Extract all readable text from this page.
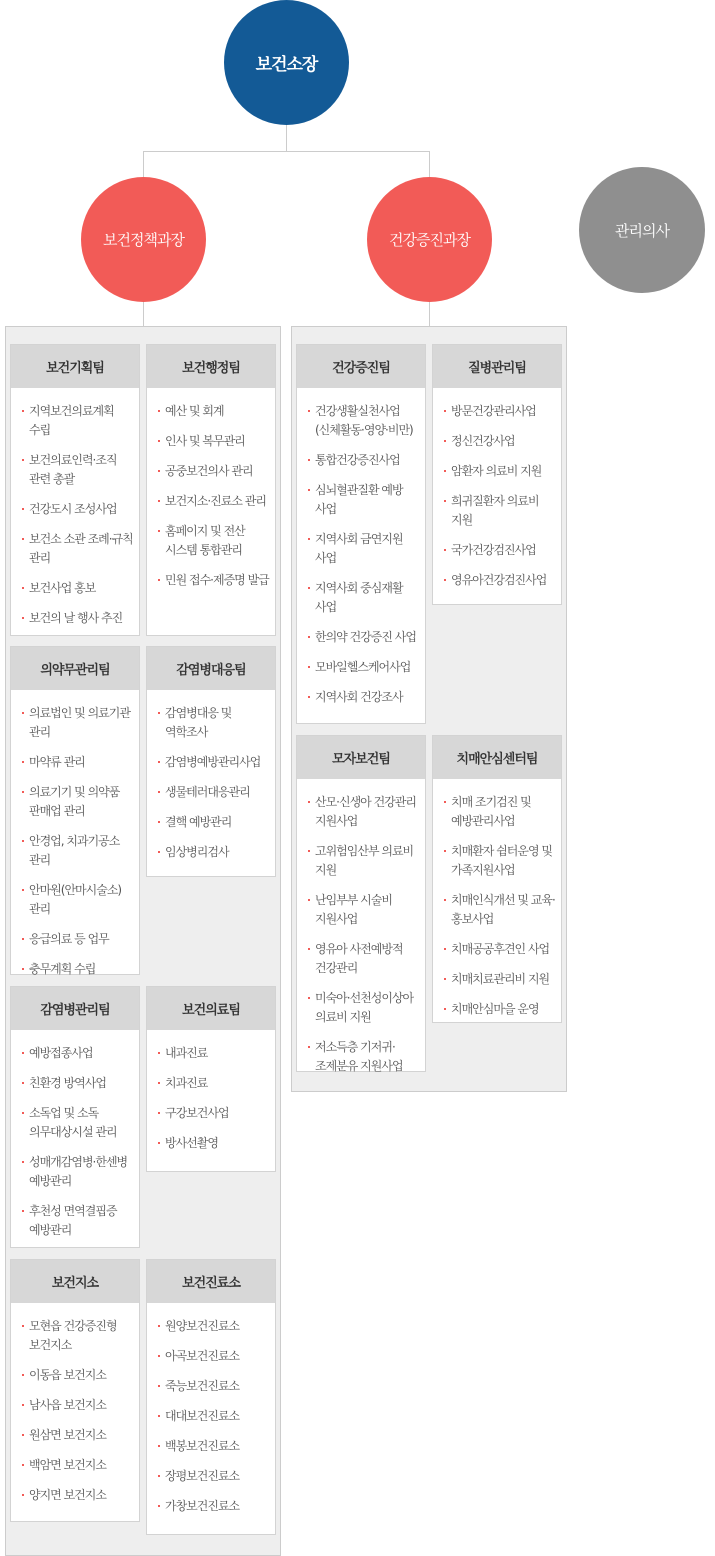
보건소장
보건정책과장	건강증진과장
관리의사
보건기획팀
지역보건의료계획 수립
보건의료인력·조직 관련 총괄
건강도시 조성사업
보건소 소관 조례·규칙 관리
보건사업 홍보
보건의 날 행사 추진
보건행정팀
예산 및 회계
인사 및 복무관리
공중보건의사 관리
보건지소·진료소 관리
홈페이지 및 전산 시스템 통합관리
민원 접수·제증명 발급
의약무관리팀
의료법인 및 의료기관 관리
마약류 관리
의료기기 및 의약품 판매업 관리
안경업, 치과기공소 관리
안마원(안마시술소) 관리
응급의료 등 업무
충무계획 수립
감염병대응팀
감염병대응 및 역학조사
감염병예방관리사업
생물테러대응관리
결핵 예방관리
임상병리검사
감염병관리팀
예방접종사업
친환경 방역사업
소독업 및 소독 의무대상시설 관리
성매개감염병·한센병 예방관리
후천성 면역결핍증 예방관리
보건의료팀
내과진료
치과진료
구강보건사업
방사선촬영
보건지소
모현읍 건강증진형 보건지소
이동읍 보건지소
남사읍 보건지소
원삼면 보건지소
백암면 보건지소
양지면 보건지소
보건진료소
원양보건진료소
아곡보건진료소
죽능보건진료소
대대보건진료소
백봉보건진료소
장평보건진료소
가창보건진료소
건강증진팀
건강생활실천사업 (신체활동·영양·비만)
통합건강증진사업
심뇌혈관질환 예방 사업
지역사회 금연지원 사업
지역사회 중심재활 사업
한의약 건강증진 사업
모바일헬스케어사업
지역사회 건강조사
질병관리팀
방문건강관리사업
정신건강사업
암환자 의료비 지원
희귀질환자 의료비 지원
국가건강검진사업
영유아건강검진사업
모자보건팀
산모·신생아 건강관리 지원사업
고위험임산부 의료비 지원
난임부부 시술비 지원사업
영유아 사전예방적 건강관리
미숙아·선천성이상아 의료비 지원
저소득층 기저귀· 조제분유 지원사업
치매안심센터팀
치매 조기검진 및 예방관리사업
치매환자 쉼터운영 및 가족지원사업
치매인식개선 및 교육·홍보사업
치매공공후견인 사업
치매치료관리비 지원
치매안심마을 운영
